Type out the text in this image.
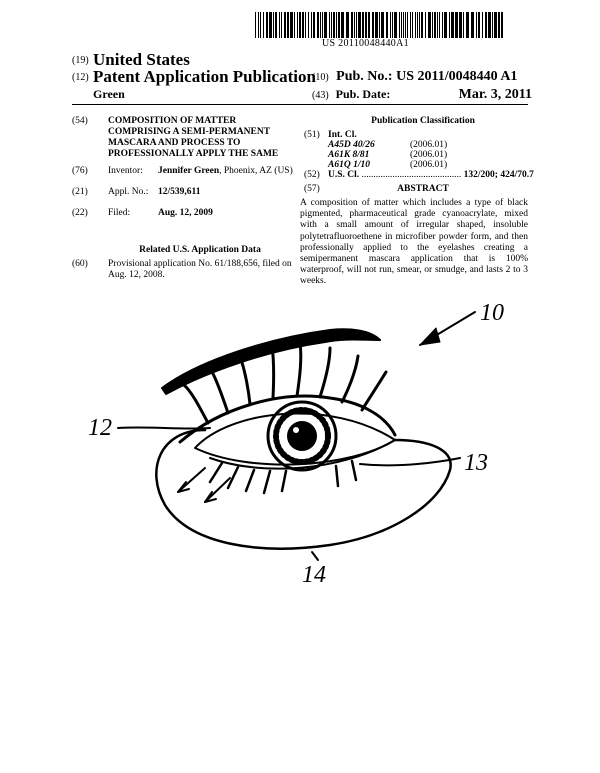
US 20110048440A1
(19) United States
(12) Patent Application Publication
Green
(10) Pub. No.: US 2011/0048440 A1
(43) Pub. Date:	Mar. 3, 2011
(54) COMPOSITION OF MATTER COMPRISING A SEMI-PERMANENT MASCARA AND PROCESS TO PROFESSIONALLY APPLY THE SAME
(76) Inventor: Jennifer Green, Phoenix, AZ (US)
(21) Appl. No.: 12/539,611
(22) Filed:	Aug. 12, 2009
Related U.S. Application Data
(60) Provisional application No. 61/188,656, filed on Aug. 12, 2008.
Publication Classification
(51) Int. Cl.
A45D 40/26	(2006.01)
A61K 8/81	(2006.01)
A61Q 1/10	(2006.01)
(52) U.S. Cl. .......................................... 132/200; 424/70.7
(57)	ABSTRACT
A composition of matter which includes a type of black pigmented, pharmaceutical grade cyanoacrylate, mixed with a small amount of irregular shaped, insoluble polytetrafluoroethene in microfiber powder form, and then professionally applied to the eyelashes creating a semipermanent mascara application that is 100% waterproof, will not run, smear, or smudge, and lasts 2 to 3 weeks.
10
12
13
14
